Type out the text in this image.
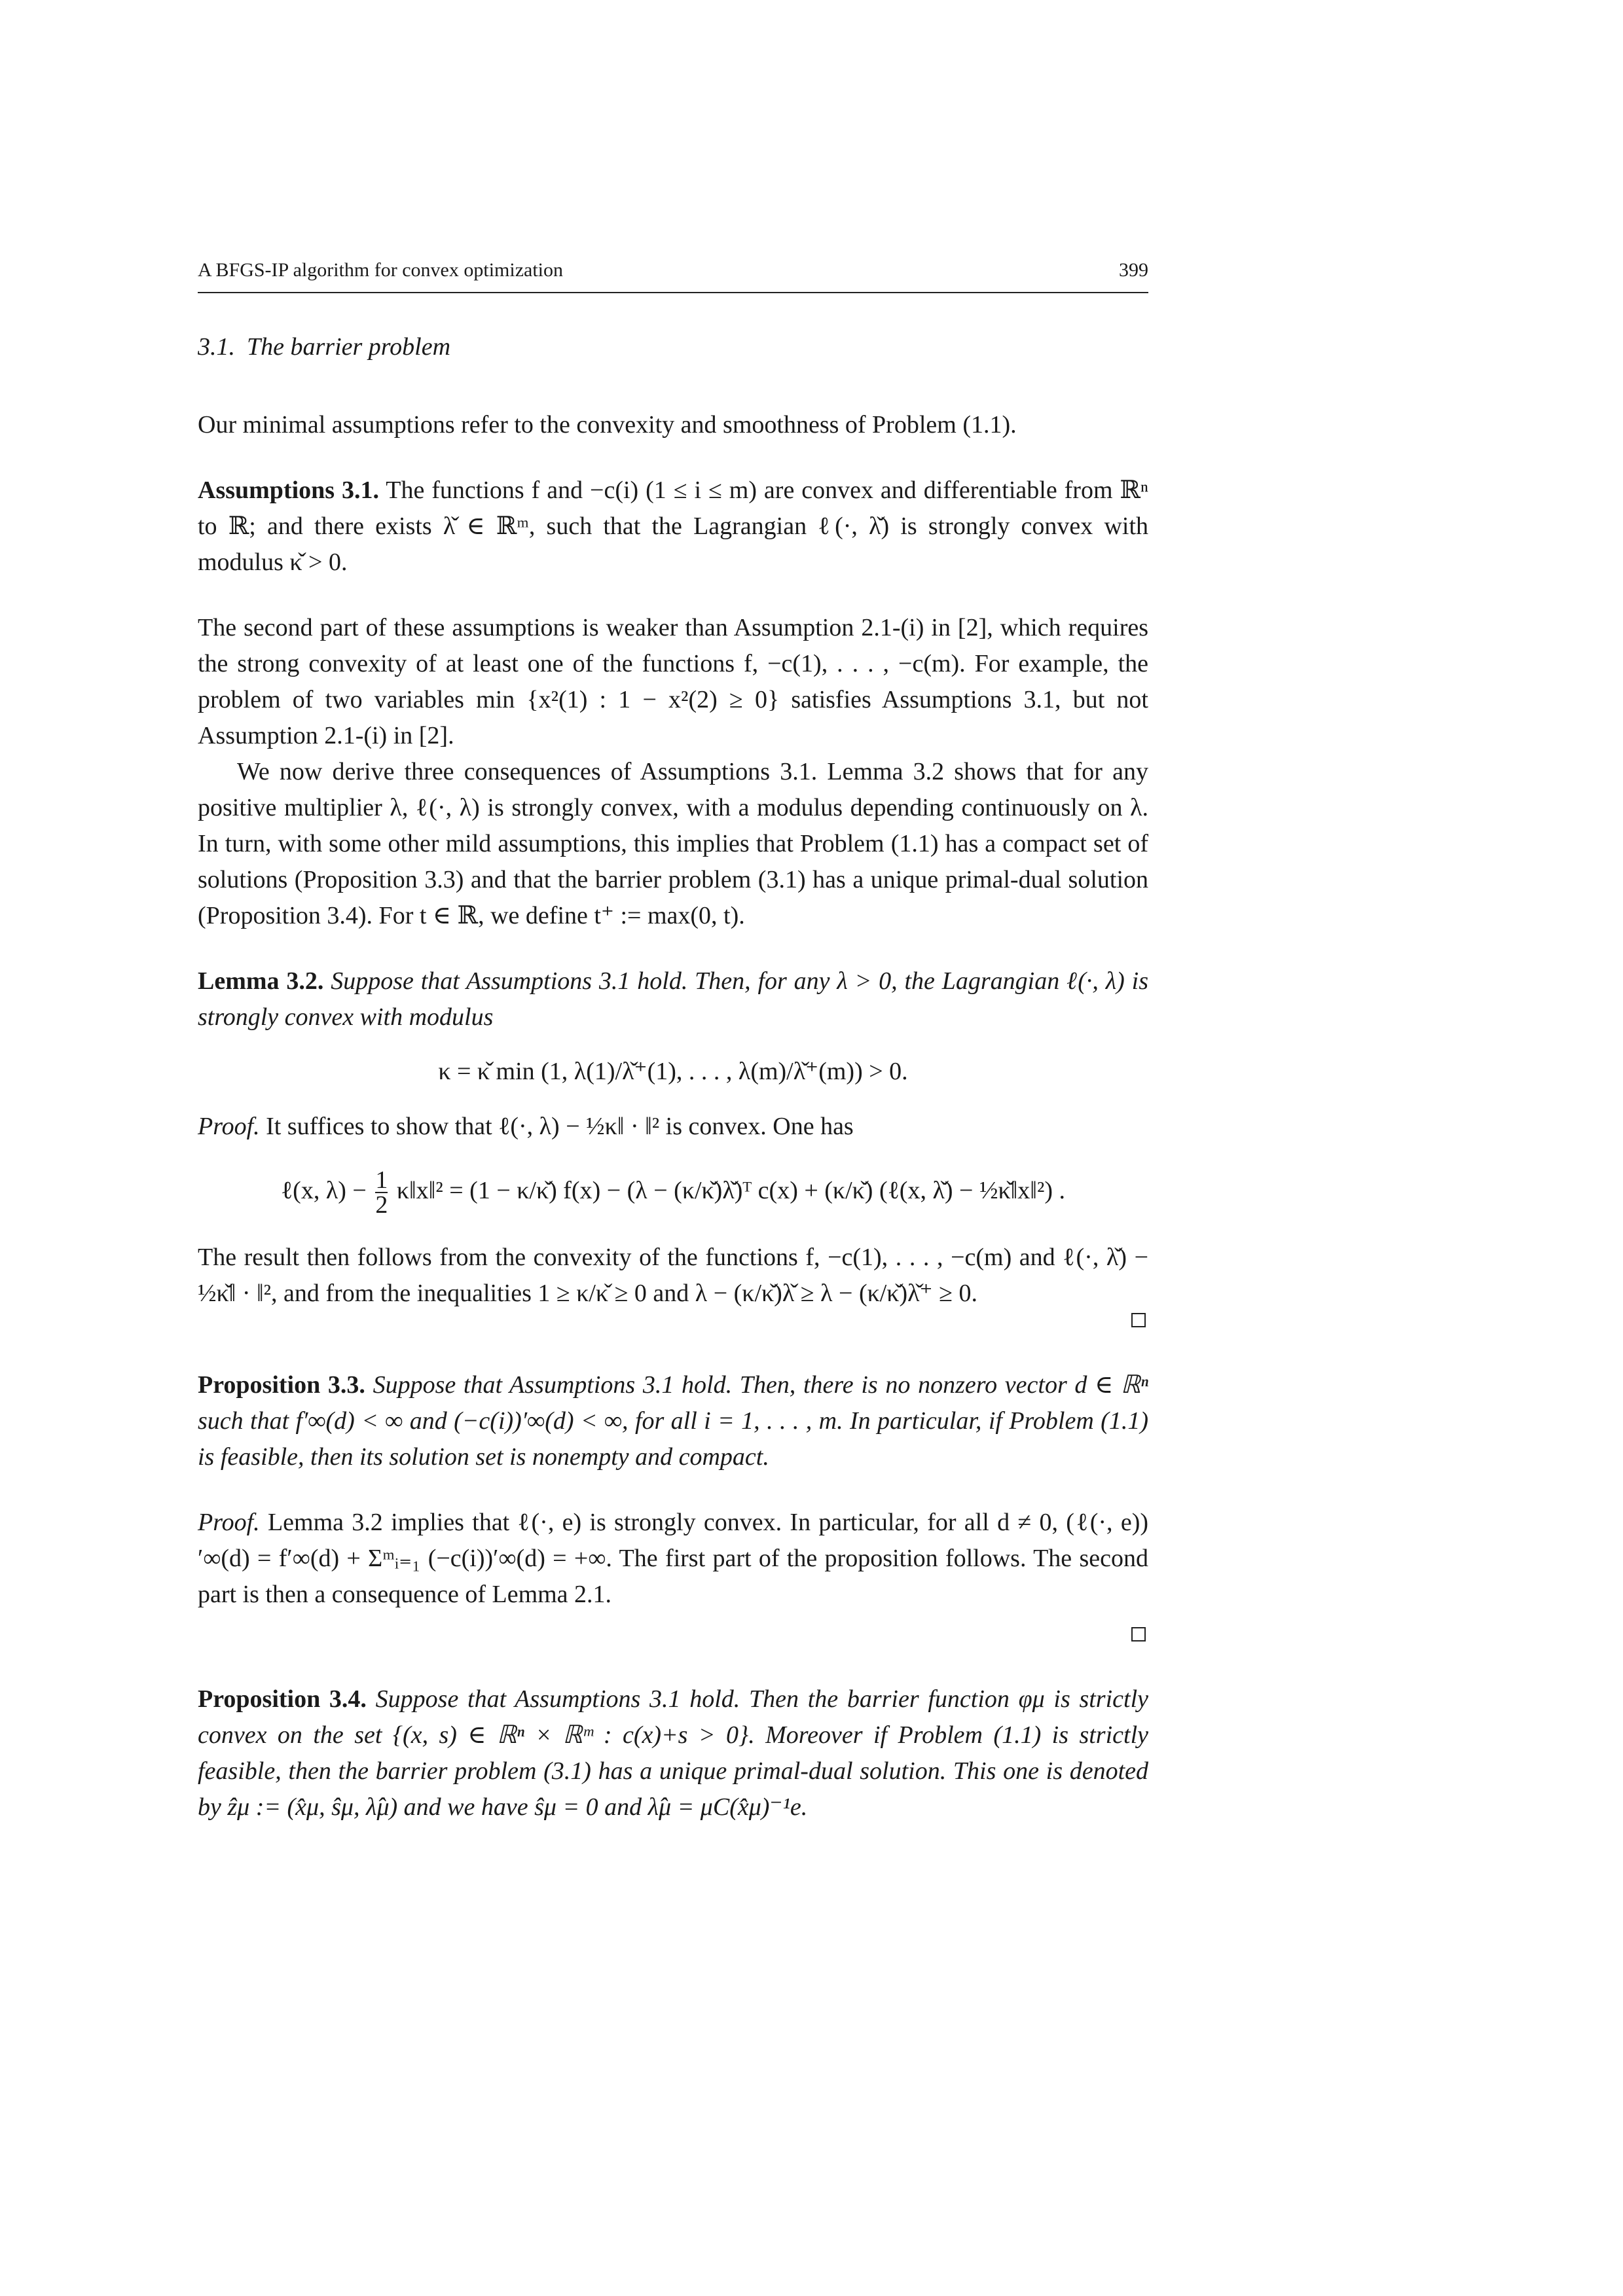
A BFGS-IP algorithm for convex optimization	399
3.1. The barrier problem

Our minimal assumptions refer to the convexity and smoothness of Problem (1.1).

Assumptions 3.1. The functions f and −c(i) (1 ≤ i ≤ m) are convex and differentiable from ℝⁿ to ℝ; and there exists λ̌ ∈ ℝᵐ, such that the Lagrangian ℓ(·, λ̌) is strongly convex with modulus κ̌ > 0.

The second part of these assumptions is weaker than Assumption 2.1-(i) in [2], which requires the strong convexity of at least one of the functions f, −c(1), . . . , −c(m). For example, the problem of two variables min {x²(1) : 1 − x²(2) ≥ 0} satisfies Assumptions 3.1, but not Assumption 2.1-(i) in [2].

We now derive three consequences of Assumptions 3.1. Lemma 3.2 shows that for any positive multiplier λ, ℓ(·, λ) is strongly convex, with a modulus depending continuously on λ. In turn, with some other mild assumptions, this implies that Problem (1.1) has a compact set of solutions (Proposition 3.3) and that the barrier problem (3.1) has a unique primal-dual solution (Proposition 3.4). For t ∈ ℝ, we define t⁺ := max(0, t).

Lemma 3.2. Suppose that Assumptions 3.1 hold. Then, for any λ > 0, the Lagrangian ℓ(·, λ) is strongly convex with modulus

κ = κ̌ min (1, λ(1)/λ̌⁺(1), . . . , λ(m)/λ̌⁺(m)) > 0.

Proof. It suffices to show that ℓ(·, λ) − ½κ‖ · ‖² is convex. One has

ℓ(x, $\lambda) - \frac{1}{2}$ κ‖x‖² = (1 − κ/κ̌) f(x) − (λ − (κ/κ̌)λ̌)ᵀ c(x) + (κ/κ̌) (ℓ(x, λ̌) − ½κ̌‖x‖²) .

The result then follows from the convexity of the functions f, −c(1), . . . , −c(m) and ℓ(·, λ̌) − ½κ̌‖ · ‖², and from the inequalities 1 ≥ κ/κ̌ ≥ 0 and λ − (κ/κ̌)λ̌ ≥ λ − (κ/κ̌)λ̌⁺ ≥ 0.

Proposition 3.3. Suppose that Assumptions 3.1 hold. Then, there is no nonzero vector d ∈ ℝⁿ such that f′∞(d) < ∞ and (−c(i))′∞(d) < ∞, for all i = 1, . . . , m. In particular, if Problem (1.1) is feasible, then its solution set is nonempty and compact.

Proof. Lemma 3.2 implies that ℓ(·, e) is strongly convex. In particular, for all d ≠ 0, (ℓ(·, e))′∞(d) = f′∞(d) + Σᵐᵢ₌₁ (−c(i))′∞(d) = +∞. The first part of the proposition follows. The second part is then a consequence of Lemma 2.1.

Proposition 3.4. Suppose that Assumptions 3.1 hold. Then the barrier function φμ is strictly convex on the set {(x, s) ∈ ℝⁿ × ℝᵐ : c(x)+s > 0}. Moreover if Problem (1.1) is strictly feasible, then the barrier problem (3.1) has a unique primal-dual solution. This one is denoted by ẑμ := (x̂μ, ŝμ, λ̂μ) and we have ŝμ = 0 and λ̂μ = μC(x̂μ)⁻¹e.
